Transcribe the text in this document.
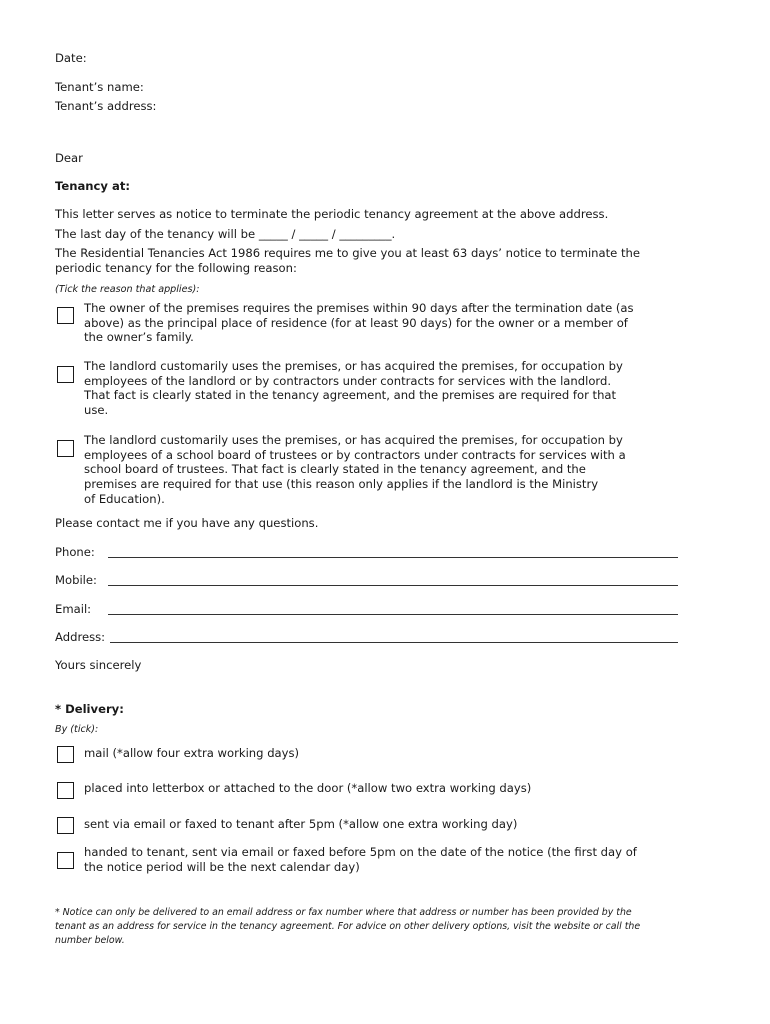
Date:
Tenant’s name:
Tenant’s address:
Dear
Tenancy at:
This letter serves as notice to terminate the periodic tenancy agreement at the above address.
The last day of the tenancy will be _____ / _____ / _________.
The Residential Tenancies Act 1986 requires me to give you at least 63 days’ notice to terminate the
periodic tenancy for the following reason:
(Tick the reason that applies):
The owner of the premises requires the premises within 90 days after the termination date (as
above) as the principal place of residence (for at least 90 days) for the owner or a member of
the owner’s family.
The landlord customarily uses the premises, or has acquired the premises, for occupation by
employees of the landlord or by contractors under contracts for services with the landlord.
That fact is clearly stated in the tenancy agreement, and the premises are required for that
use.
The landlord customarily uses the premises, or has acquired the premises, for occupation by
employees of a school board of trustees or by contractors under contracts for services with a
school board of trustees. That fact is clearly stated in the tenancy agreement, and the
premises are required for that use (this reason only applies if the landlord is the Ministry
of Education).
Please contact me if you have any questions.
Phone:
Mobile:
Email:
Address:
Yours sincerely
* Delivery:
By (tick):
mail (*allow four extra working days)
placed into letterbox or attached to the door (*allow two extra working days)
sent via email or faxed to tenant after 5pm (*allow one extra working day)
handed to tenant, sent via email or faxed before 5pm on the date of the notice (the first day of
the notice period will be the next calendar day)
* Notice can only be delivered to an email address or fax number where that address or number has been provided by the
tenant as an address for service in the tenancy agreement. For advice on other delivery options, visit the website or call the
number below.
